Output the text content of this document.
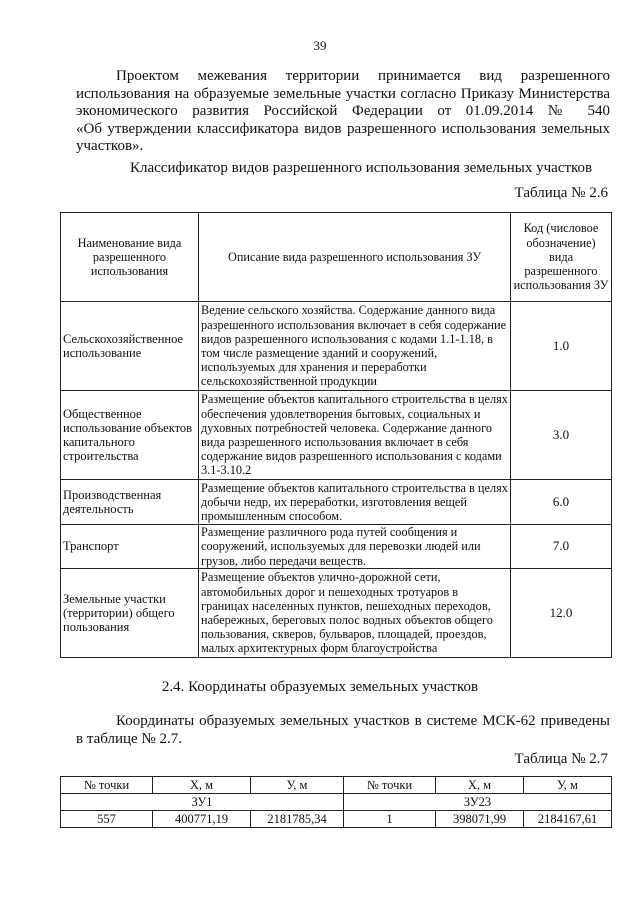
39
Проектом межевания территории принимается вид разрешенного
использования на образуемые земельные участки согласно Приказу Министерства
экономического развития Российской Федерации от 01.09.2014 № 540
«Об утверждении классификатора видов разрешенного использования земельных
участков».
Классификатор видов разрешенного использования земельных участков
Таблица № 2.6
Наименование вида разрешенного использования	Описание вида разрешенного использования ЗУ	Код (числовое обозначение) вида разрешенного использования ЗУ
Сельскохозяйственное использование	Ведение сельского хозяйства. Содержание данного вида разрешенного использования включает в себя содержание видов разрешенного использования с кодами 1.1-1.18, в том числе размещение зданий и сооружений, используемых для хранения и переработки сельскохозяйственной продукции	1.0
Общественное использование объектов капитального строительства	Размещение объектов капитального строительства в целях обеспечения удовлетворения бытовых, социальных и духовных потребностей человека. Содержание данного вида разрешенного использования включает в себя содержание видов разрешенного использования с кодами 3.1-3.10.2	3.0
Производственная деятельность	Размещение объектов капитального строительства в целях добычи недр, их переработки, изготовления вещей промышленным способом.	6.0
Транспорт	Размещение различного рода путей сообщения и сооружений, используемых для перевозки людей или грузов, либо передачи веществ.	7.0
Земельные участки (территории) общего пользования	Размещение объектов улично-дорожной сети, автомобильных дорог и пешеходных тротуаров в границах населенных пунктов, пешеходных переходов, набережных, береговых полос водных объектов общего пользования, скверов, бульваров, площадей, проездов, малых архитектурных форм благоустройства	12.0
2.4. Координаты образуемых земельных участков
Координаты образуемых земельных участков в системе МСК-62 приведены в таблице № 2.7.
Таблица № 2.7
№ точки	Х, м	У, м	№ точки	Х, м	У, м
ЗУ1			ЗУ23		
557	400771,19	2181785,34	1	398071,99	2184167,61
